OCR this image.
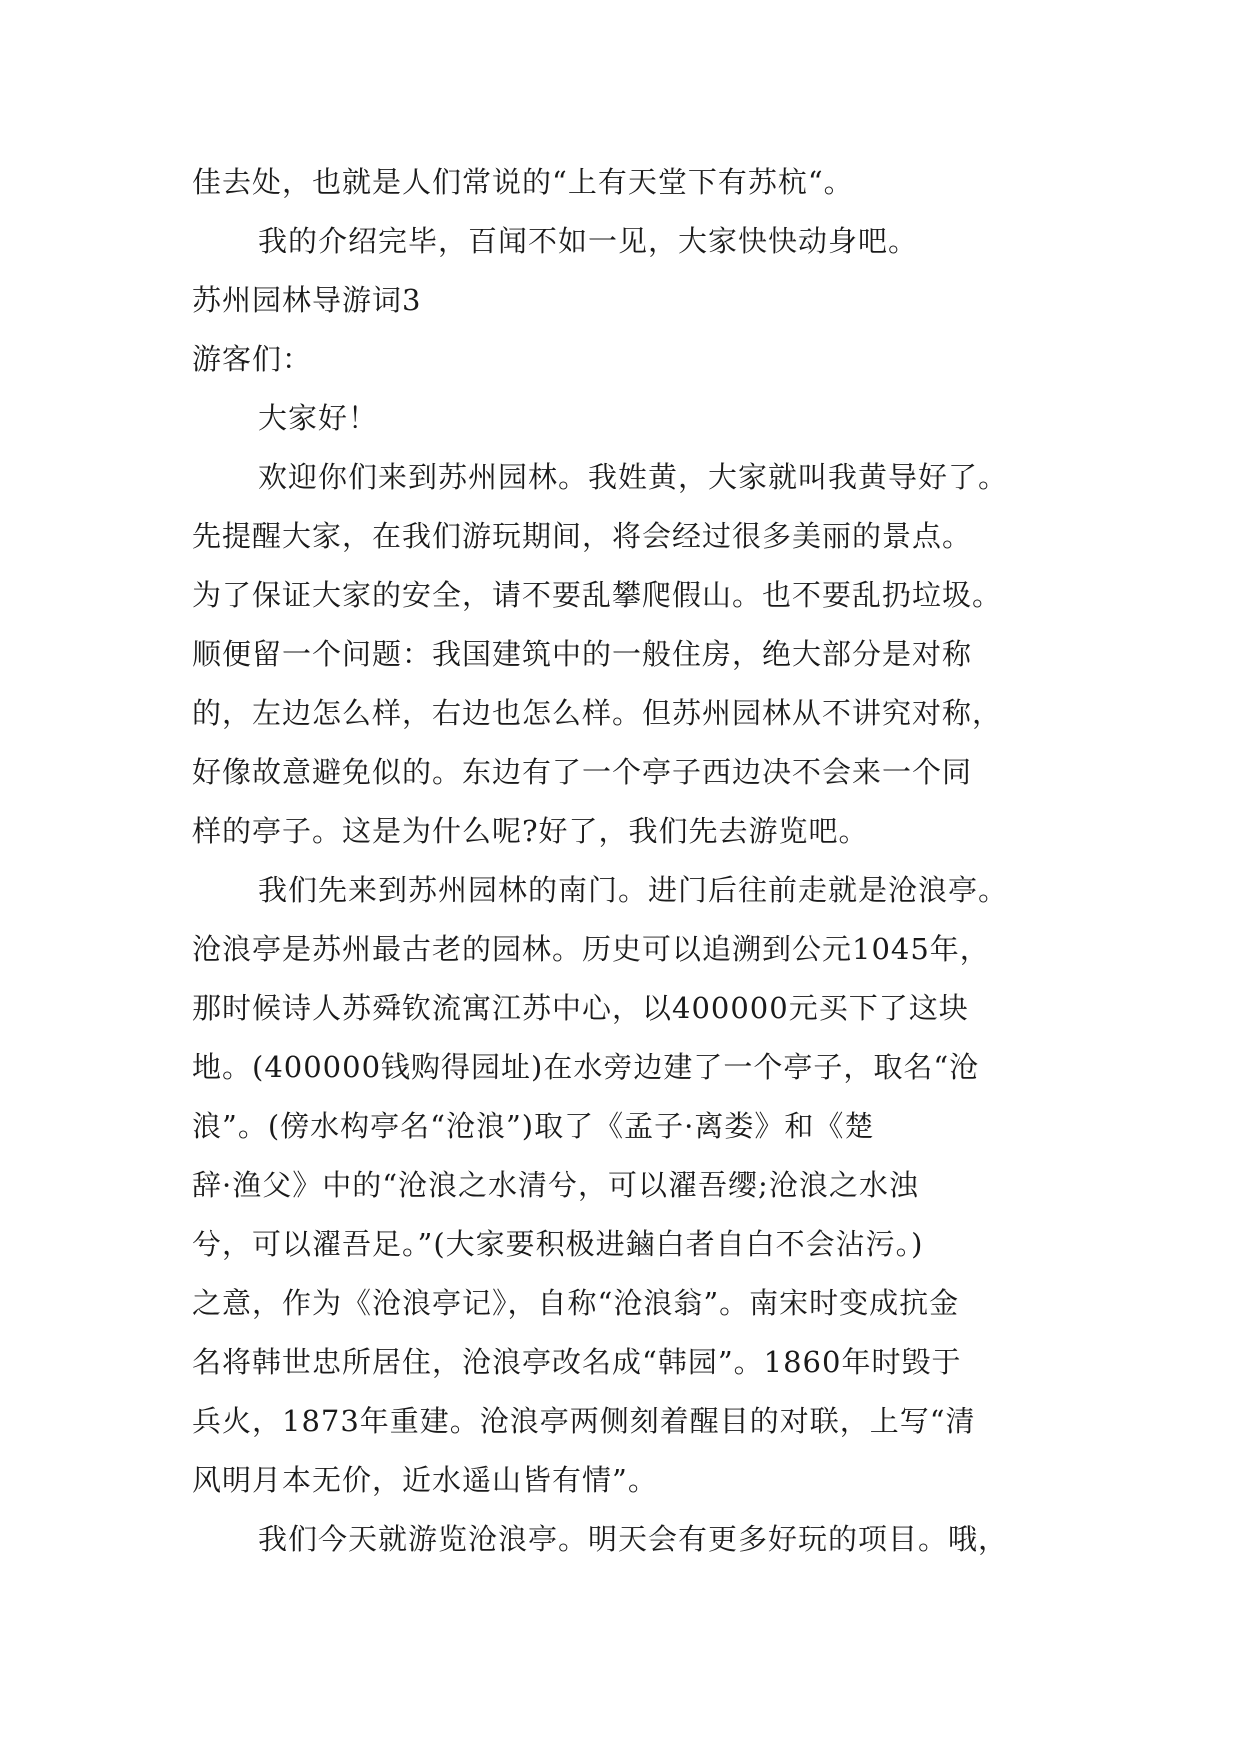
佳去处，也就是人们常说的“上有天堂下有苏杭“。
我的介绍完毕，百闻不如一见，大家快快动身吧。
苏州园林导游词3
游客们：
大家好！
欢迎你们来到苏州园林。我姓黄，大家就叫我黄导好了。
先提醒大家，在我们游玩期间，将会经过很多美丽的景点。
为了保证大家的安全，请不要乱攀爬假山。也不要乱扔垃圾。
顺便留一个问题：我国建筑中的一般住房，绝大部分是对称
的，左边怎么样，右边也怎么样。但苏州园林从不讲究对称，
好像故意避免似的。东边有了一个亭子西边决不会来一个同
样的亭子。这是为什么呢?好了，我们先去游览吧。
我们先来到苏州园林的南门。进门后往前走就是沧浪亭。
沧浪亭是苏州最古老的园林。历史可以追溯到公元1045年，
那时候诗人苏舜钦流寓江苏中心，以400000元买下了这块
地。(400000钱购得园址)在水旁边建了一个亭子，取名“沧
浪”。(傍水构亭名“沧浪”)取了《孟子·离娄》和《楚
辞·渔父》中的“沧浪之水清兮，可以濯吾缨;沧浪之水浊
兮，可以濯吾足。”(大家要积极进鏀白者自白不会沾污。)
之意，作为《沧浪亭记》，自称“沧浪翁”。南宋时变成抗金
名将韩世忠所居住，沧浪亭改名成“韩园”。1860年时毁于
兵火，1873年重建。沧浪亭两侧刻着醒目的对联，上写“清
风明月本无价，近水遥山皆有情”。
我们今天就游览沧浪亭。明天会有更多好玩的项目。哦，
